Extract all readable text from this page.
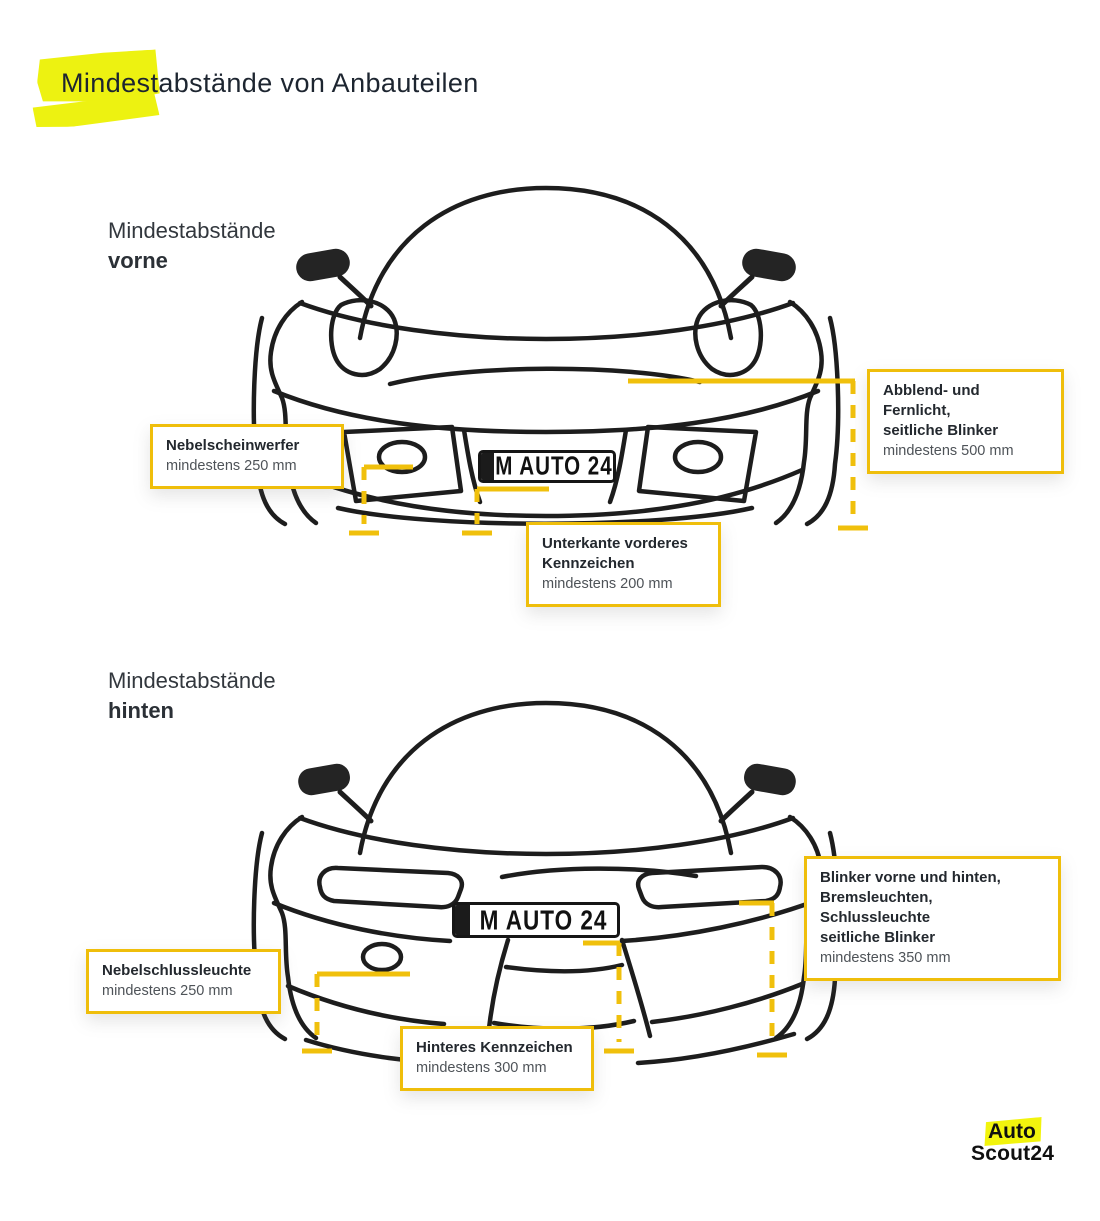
Mindestabstände von Anbauteilen
Mindestabstände
vorne
Mindestabstände
hinten
M AUTO 24
M AUTO 24
Nebelscheinwerfer
mindestens 250 mm
Abblend- und Fernlicht,
seitliche Blinker
mindestens 500 mm
Unterkante vorderes
Kennzeichen
mindestens 200 mm
Nebelschlussleuchte
mindestens 250 mm
Blinker vorne und hinten,
Bremsleuchten, Schlussleuchte
seitliche Blinker
mindestens 350 mm
Hinteres Kennzeichen
mindestens 300 mm
Auto
Scout24
